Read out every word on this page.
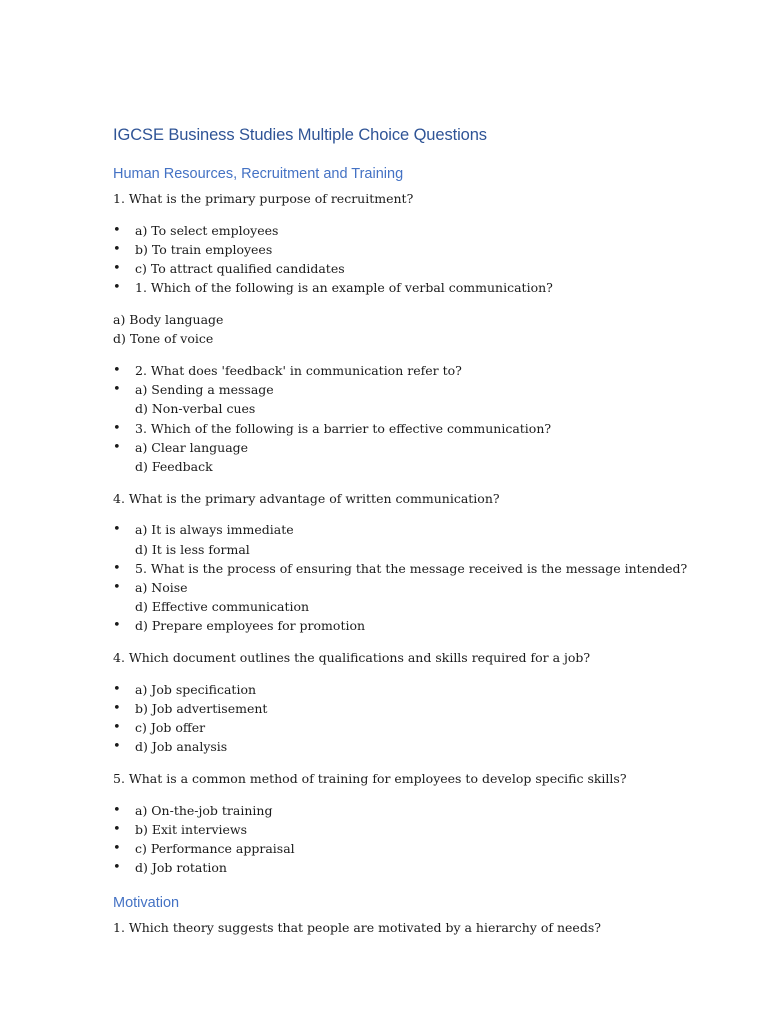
IGCSE Business Studies Multiple Choice Questions
Human Resources, Recruitment and Training

1. What is the primary purpose of recruitment?

• a) To select employees
• b) To train employees
• c) To attract qualified candidates
• 1. Which of the following is an example of verbal communication?

a) Body language

d) Tone of voice

• 2. What does 'feedback' in communication refer to?
• a) Sending a message
d) Non-verbal cues
• 3. Which of the following is a barrier to effective communication?
• a) Clear language
d) Feedback

4. What is the primary advantage of written communication?

• a) It is always immediate
d) It is less formal
• 5. What is the process of ensuring that the message received is the message intended?
• a) Noise
d) Effective communication
• d) Prepare employees for promotion

4. Which document outlines the qualifications and skills required for a job?

• a) Job specification
• b) Job advertisement
• c) Job offer
• d) Job analysis

5. What is a common method of training for employees to develop specific skills?

• a) On-the-job training
• b) Exit interviews
• c) Performance appraisal
• d) Job rotation
Motivation

1. Which theory suggests that people are motivated by a hierarchy of needs?
